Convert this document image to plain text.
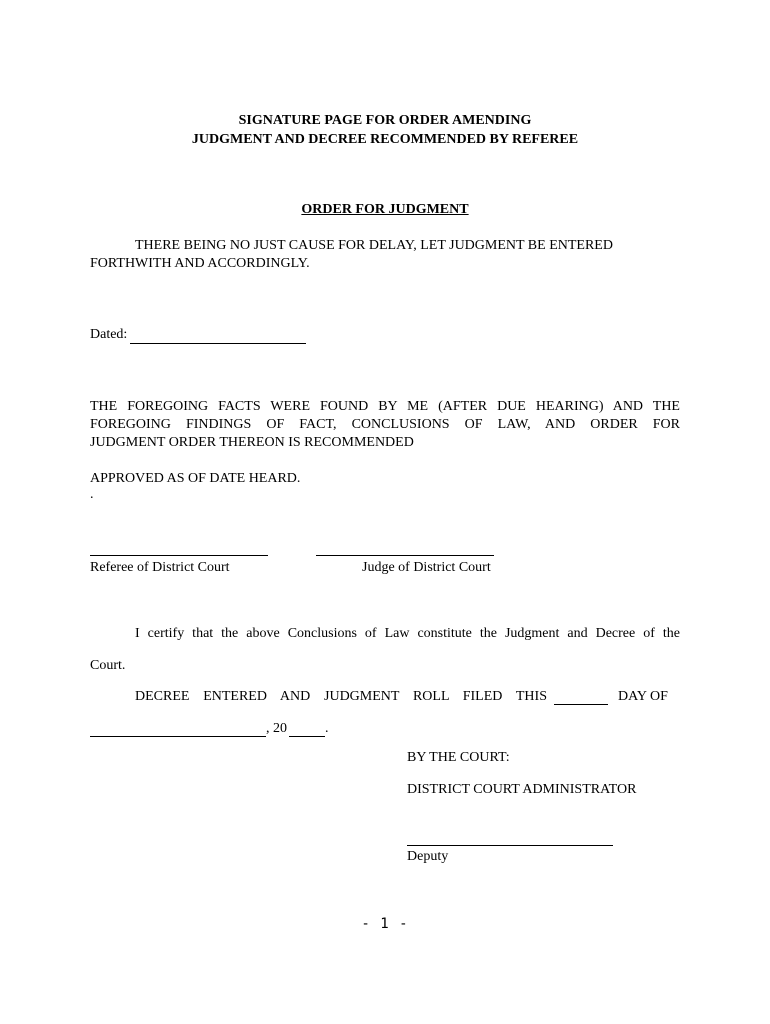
SIGNATURE PAGE FOR ORDER AMENDING
JUDGMENT AND DECREE RECOMMENDED BY REFEREE
ORDER FOR JUDGMENT
THERE BEING NO JUST CAUSE FOR DELAY, LET JUDGMENT BE ENTERED
FORTHWITH AND ACCORDINGLY.
Dated:
THE FOREGOING FACTS WERE FOUND BY ME (AFTER DUE HEARING) AND THE
FOREGOING FINDINGS OF FACT, CONCLUSIONS OF LAW, AND ORDER FOR
JUDGMENT ORDER THEREON IS RECOMMENDED
APPROVED AS OF DATE HEARD.
.
Referee of District Court	Judge of District Court
I certify that the above Conclusions of Law constitute the Judgment and Decree of the
Court.
DECREE ENTERED AND JUDGMENT ROLL FILED THIS	DAY OF
, 20	.
BY THE COURT:
DISTRICT COURT ADMINISTRATOR
Deputy
- 1 -
